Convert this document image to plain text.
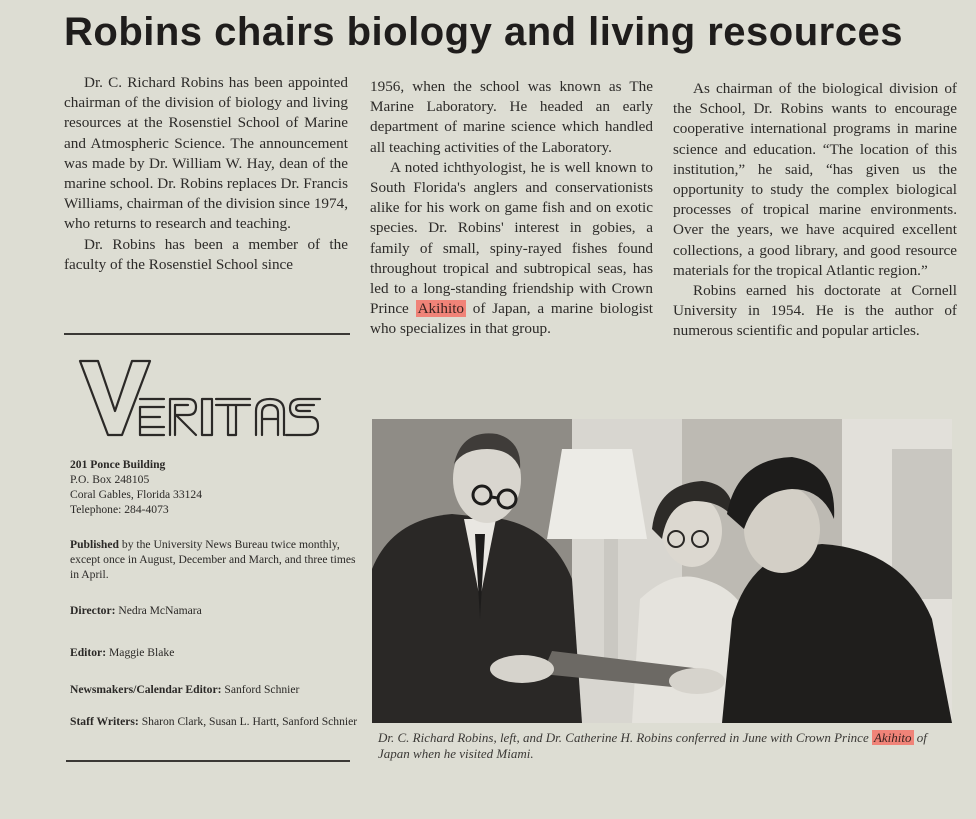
Robins chairs biology and living resources

Dr. C. Richard Robins has been appointed chairman of the division of biology and living resources at the Rosenstiel School of Marine and Atmospheric Science. The announcement was made by Dr. William W. Hay, dean of the marine school. Dr. Robins replaces Dr. Francis Williams, chairman of the division since 1974, who returns to research and teaching.

Dr. Robins has been a member of the faculty of the Rosenstiel School since

1956, when the school was known as The Marine Laboratory. He headed an early department of marine science which handled all teaching activities of the Laboratory.

A noted ichthyologist, he is well known to South Florida's anglers and conservationists alike for his work on game fish and on exotic species. Dr. Robins' interest in gobies, a family of small, spiny-rayed fishes found throughout tropical and subtropical seas, has led to a long-standing friendship with Crown Prince Akihito of Japan, a marine biologist who specializes in that group.

As chairman of the biological division of the School, Dr. Robins wants to encourage cooperative international programs in marine science and education. “The location of this institution,” he said, “has given us the opportunity to study the complex biological processes of tropical marine environments. Over the years, we have acquired excellent collections, a good library, and good resource materials for the tropical Atlantic region.”

Robins earned his doctorate at Cornell University in 1954. He is the author of numerous scientific and popular articles.

201 Ponce Building
P.O. Box 248105
Coral Gables, Florida 33124
Telephone: 284-4073
Published by the University News Bureau twice monthly, except once in August, December and March, and three times in April.
Director: Nedra McNamara
Editor: Maggie Blake
Newsmakers/Calendar Editor: Sanford Schnier
Staff Writers: Sharon Clark, Susan L. Hartt, Sanford Schnier
Dr. C. Richard Robins, left, and Dr. Catherine H. Robins conferred in June with Crown Prince Akihito of Japan when he visited Miami.
